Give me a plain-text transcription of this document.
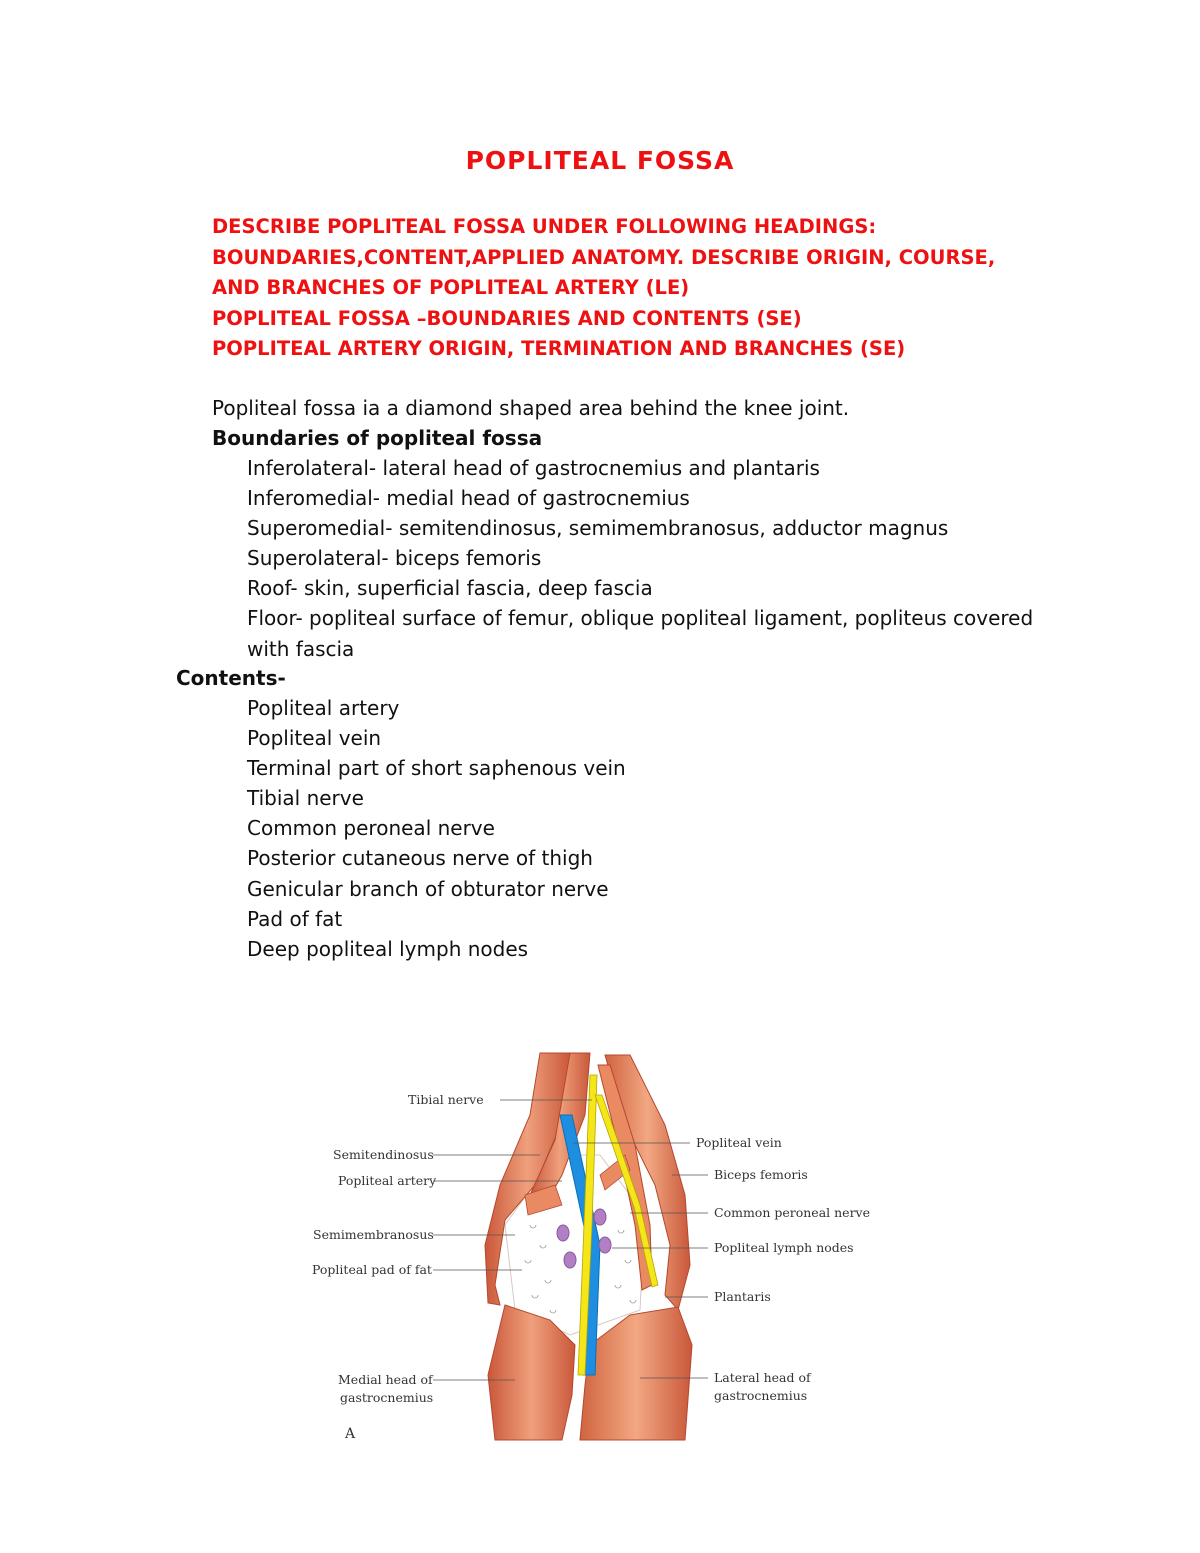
POPLITEAL FOSSA
DESCRIBE POPLITEAL FOSSA UNDER FOLLOWING HEADINGS:
BOUNDARIES,CONTENT,APPLIED ANATOMY. DESCRIBE ORIGIN, COURSE,
AND BRANCHES OF POPLITEAL ARTERY (LE)
POPLITEAL FOSSA –BOUNDARIES AND CONTENTS (SE)
POPLITEAL ARTERY ORIGIN, TERMINATION AND BRANCHES (SE)
Popliteal fossa ia a diamond shaped area behind the knee joint.
Boundaries of popliteal fossa
Inferolateral- lateral head of gastrocnemius and plantaris
Inferomedial- medial head of gastrocnemius
Superomedial- semitendinosus, semimembranosus, adductor magnus
Superolateral- biceps femoris
Roof- skin, superficial fascia, deep fascia
Floor- popliteal surface of femur, oblique popliteal ligament, popliteus covered
with fascia
Contents-
Popliteal artery
Popliteal vein
Terminal part of short saphenous vein
Tibial nerve
Common peroneal nerve
Posterior cutaneous nerve of thigh
Genicular branch of obturator nerve
Pad of fat
Deep popliteal lymph nodes
Tibial nerve
Semitendinosus
Popliteal artery
Semimembranosus
Popliteal pad of fat
Medial head of
gastrocnemius
A
Popliteal vein
Biceps femoris
Common peroneal nerve
Popliteal lymph nodes
Plantaris
Lateral head of
gastrocnemius
